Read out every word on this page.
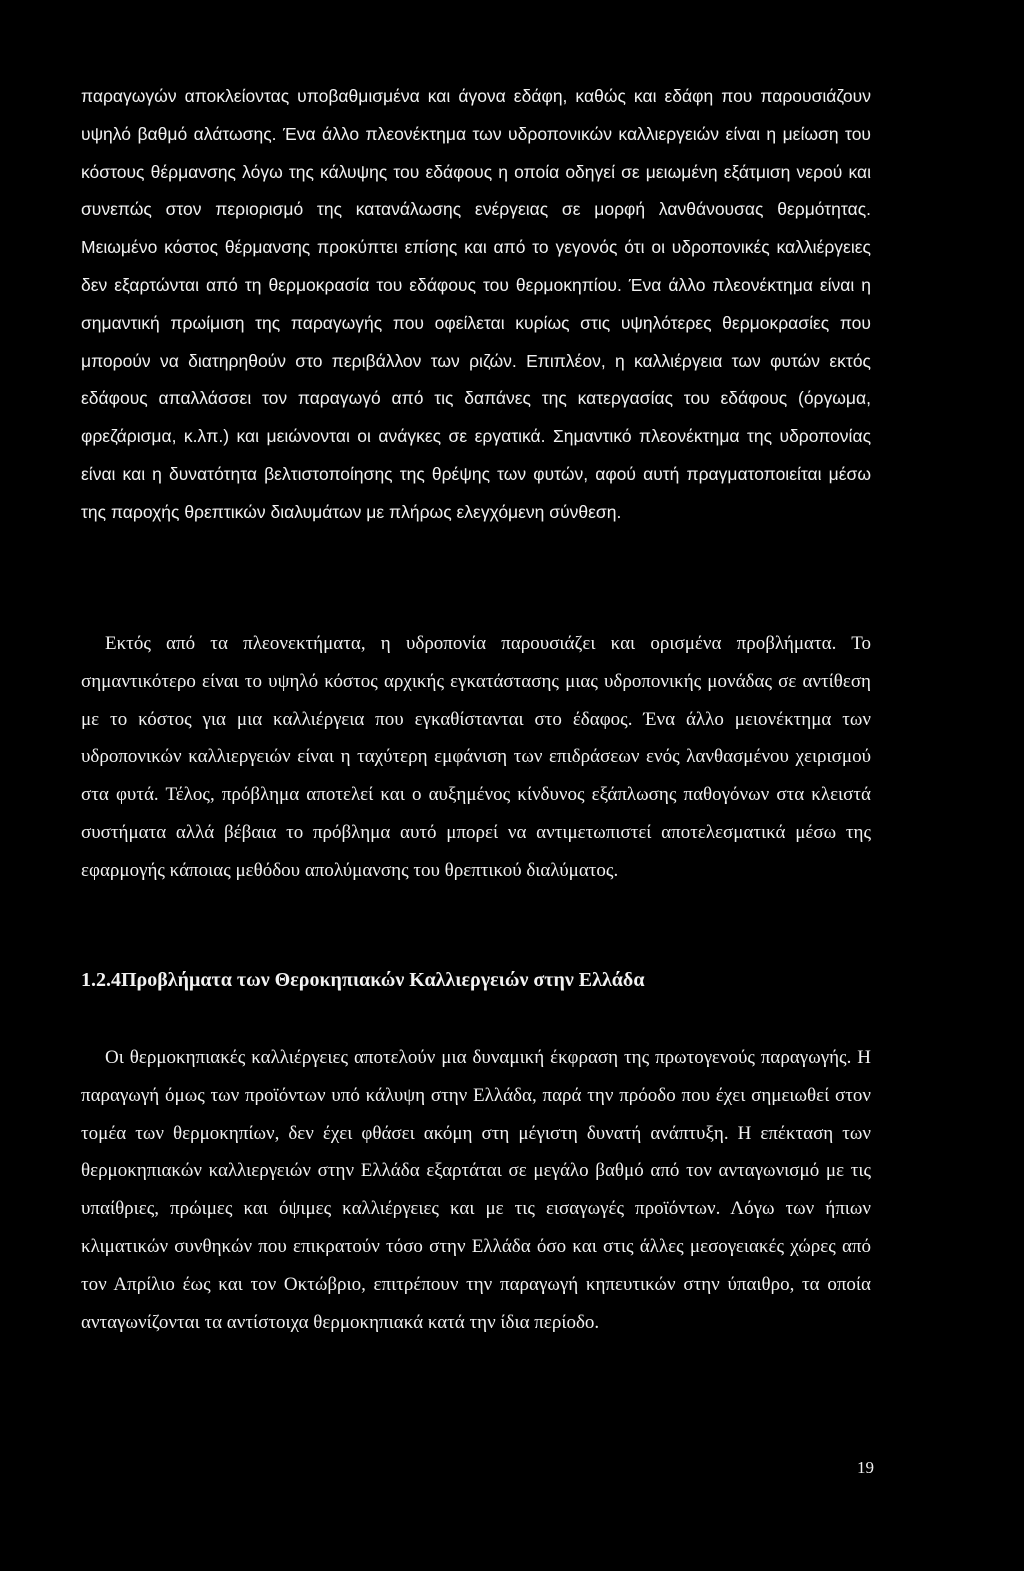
παραγωγών αποκλείοντας υποβαθμισμένα και άγονα εδάφη, καθώς και εδάφη που παρουσιάζουν υψηλό βαθμό αλάτωσης. Ένα άλλο πλεονέκτημα των υδροπονικών καλλιεργειών είναι η μείωση του κόστους θέρμανσης λόγω της κάλυψης του εδάφους η οποία οδηγεί σε μειωμένη εξάτμιση νερού και συνεπώς στον περιορισμό της κατανάλωσης ενέργειας σε μορφή λανθάνουσας θερμότητας. Μειωμένο κόστος θέρμανσης προκύπτει επίσης και από το γεγονός ότι οι υδροπονικές καλλιέργειες δεν εξαρτώνται από τη θερμοκρασία του εδάφους του θερμοκηπίου. Ένα άλλο πλεονέκτημα είναι η σημαντική πρωίμιση της παραγωγής που οφείλεται κυρίως στις υψηλότερες θερμοκρασίες που μπορούν να διατηρηθούν στο περιβάλλον των ριζών. Επιπλέον, η καλλιέργεια των φυτών εκτός εδάφους απαλλάσσει τον παραγωγό από τις δαπάνες της κατεργασίας του εδάφους (όργωμα, φρεζάρισμα, κ.λπ.) και μειώνονται οι ανάγκες σε εργατικά. Σημαντικό πλεονέκτημα της υδροπονίας είναι και η δυνατότητα βελτιστοποίησης της θρέψης των φυτών, αφού αυτή πραγματοποιείται μέσω της παροχής θρεπτικών διαλυμάτων με πλήρως ελεγχόμενη σύνθεση.

Εκτός από τα πλεονεκτήματα, η υδροπονία παρουσιάζει και ορισμένα προβλήματα. Το σημαντικότερο είναι το υψηλό κόστος αρχικής εγκατάστασης μιας υδροπονικής μονάδας σε αντίθεση με το κόστος για μια καλλιέργεια που εγκαθίστανται στο έδαφος. Ένα άλλο μειονέκτημα των υδροπονικών καλλιεργειών είναι η ταχύτερη εμφάνιση των επιδράσεων ενός λανθασμένου χειρισμού στα φυτά. Τέλος, πρόβλημα αποτελεί και ο αυξημένος κίνδυνος εξάπλωσης παθογόνων στα κλειστά συστήματα αλλά βέβαια το πρόβλημα αυτό μπορεί να αντιμετωπιστεί αποτελεσματικά μέσω της εφαρμογής κάποιας μεθόδου απολύμανσης του θρεπτικού διαλύματος.

1.2.4Προβλήματα των Θεροκηπιακών Καλλιεργειών στην Ελλάδα

Οι θερμοκηπιακές καλλιέργειες αποτελούν μια δυναμική έκφραση της πρωτογενούς παραγωγής. Η παραγωγή όμως των προϊόντων υπό κάλυψη στην Ελλάδα, παρά την πρόοδο που έχει σημειωθεί στον τομέα των θερμοκηπίων, δεν έχει φθάσει ακόμη στη μέγιστη δυνατή ανάπτυξη. Η επέκταση των θερμοκηπιακών καλλιεργειών στην Ελλάδα εξαρτάται σε μεγάλο βαθμό από τον ανταγωνισμό με τις υπαίθριες, πρώιμες και όψιμες καλλιέργειες και με τις εισαγωγές προϊόντων. Λόγω των ήπιων κλιματικών συνθηκών που επικρατούν τόσο στην Ελλάδα όσο και στις άλλες μεσογειακές χώρες από τον Απρίλιο έως και τον Οκτώβριο, επιτρέπουν την παραγωγή κηπευτικών στην ύπαιθρο, τα οποία ανταγωνίζονται τα αντίστοιχα θερμοκηπιακά κατά την ίδια περίοδο.

19
